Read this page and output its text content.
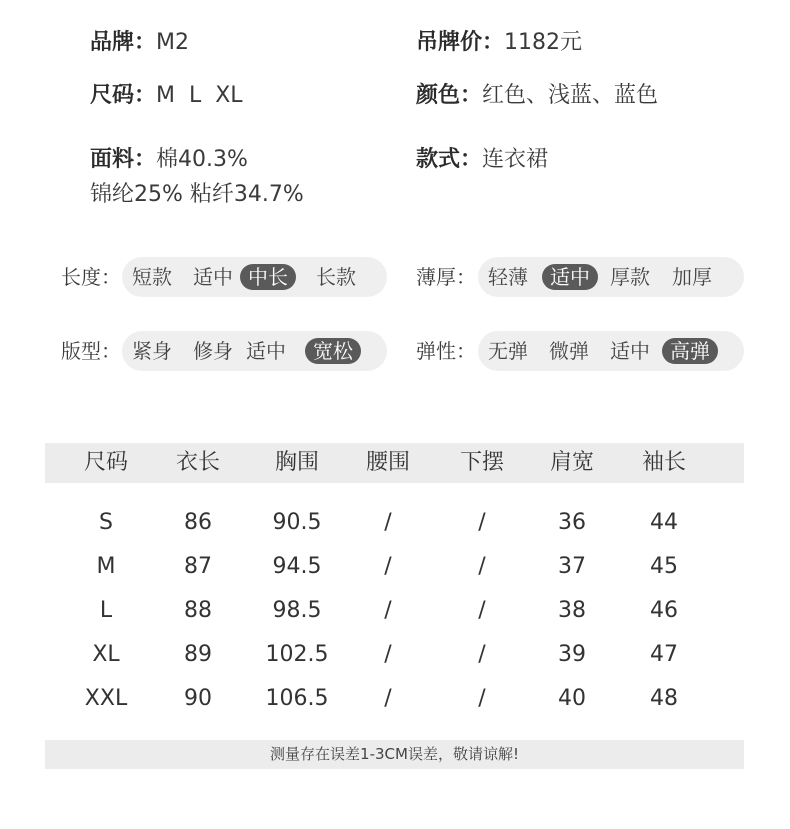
品牌：M2	吊牌价：1182元
尺码：M  L  XL	颜色：红色、浅蓝、蓝色
面料：棉40.3%
锦纶25% 粘纤34.7%
款式：连衣裙
长度： 短款 适中 中长	长款	薄厚： 轻薄	适中	厚款 加厚
版型： 紧身 修身 适中	宽松	弹性： 无弹 微弹 适中	高弹
尺码 衣长 胸围 腰围 下摆 肩宽 袖长
S	86	90.5	/	/	36	44
M	87	94.5	/	/	37	45
L	88	98.5	/	/	38	46
XL	89 102.5	/	/	39	47
XXL	90 106.5	/	/	40	48
测量存在误差1-3CM误差，敬请谅解!
